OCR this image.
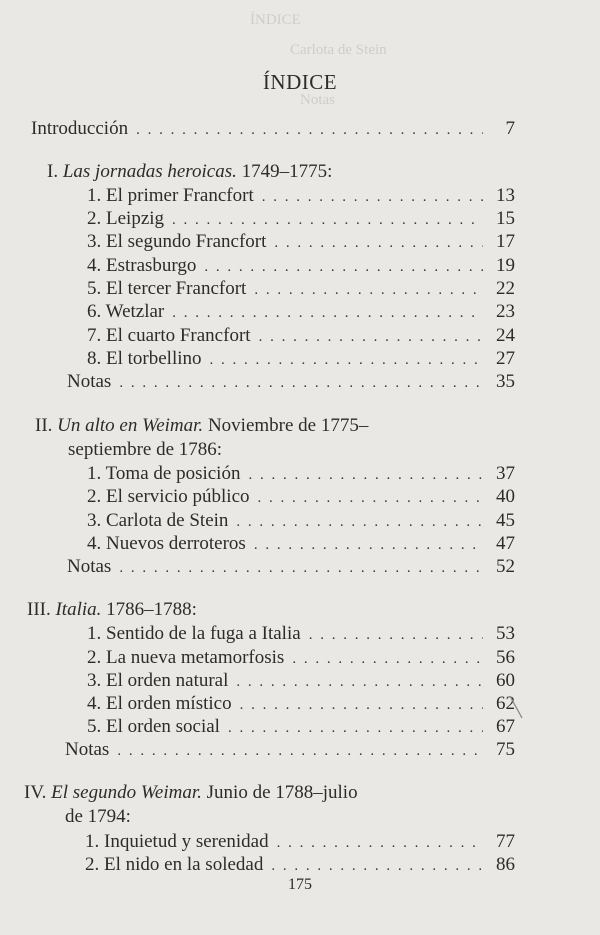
ÍNDICE
Carlota de Stein
Notas
ÍNDICE
Introducción . . .	7
I. Las jornadas heroicas. 1749–1775:
1. El primer Francfort . . .	13
2. Leipzig . . .	15
3. El segundo Francfort . . .	17
4. Estrasburgo . . .	19
5. El tercer Francfort . . .	22
6. Wetzlar . . .	23
7. El cuarto Francfort . . .	24
8. El torbellino . . .	27
Notas . . .	35
II. Un alto en Weimar. Noviembre de 1775–
septiembre de 1786:
1. Toma de posición . . .	37
2. El servicio público . . .	40
3. Carlota de Stein . . .	45
4. Nuevos derroteros . . .	47
Notas . . .	52
III. Italia. 1786–1788:
1. Sentido de la fuga a Italia . . .	53
2. La nueva metamorfosis . . .	56
3. El orden natural . . .	60
4. El orden místico . . .	62
5. El orden social . . .	67
Notas . . .	75
IV. El segundo Weimar. Junio de 1788–julio
de 1794:
1. Inquietud y serenidad . . .	77
2. El nido en la soledad . . .	86
175
